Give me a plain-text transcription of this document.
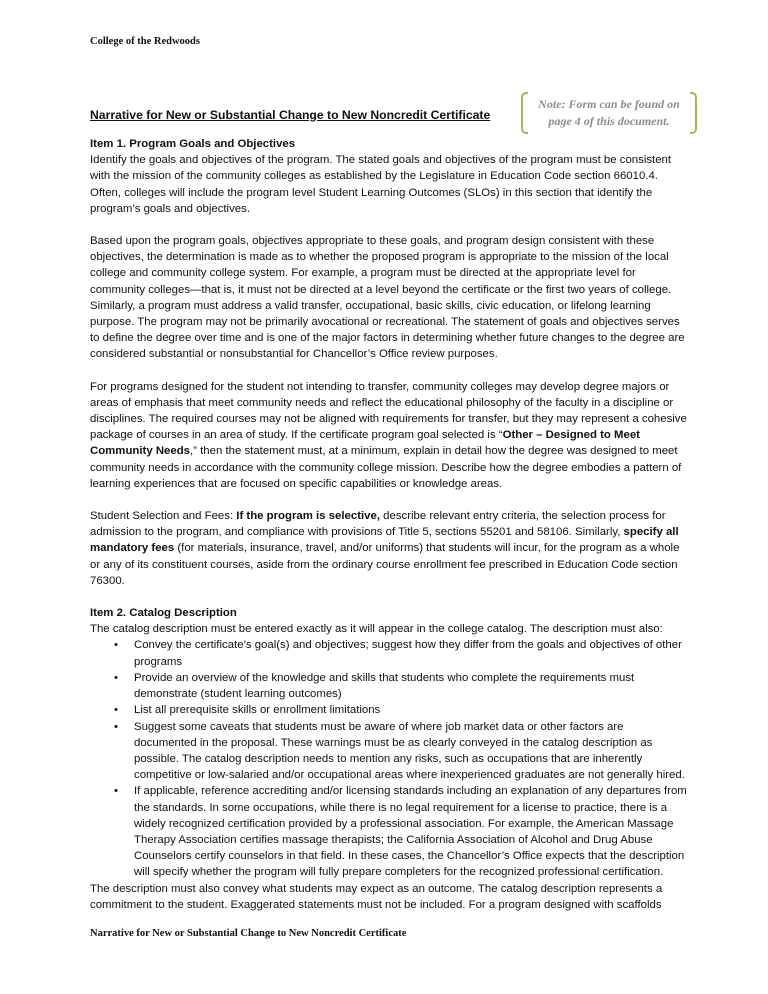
College of the Redwoods
Narrative for New or Substantial Change to New Noncredit Certificate
Note: Form can be found on page 4 of this document.

Item 1. Program Goals and Objectives

Identify the goals and objectives of the program. The stated goals and objectives of the program must be consistent with the mission of the community colleges as established by the Legislature in Education Code section 66010.4. Often, colleges will include the program level Student Learning Outcomes (SLOs) in this section that identify the program’s goals and objectives.

Based upon the program goals, objectives appropriate to these goals, and program design consistent with these objectives, the determination is made as to whether the proposed program is appropriate to the mission of the local college and community college system. For example, a program must be directed at the appropriate level for community colleges—that is, it must not be directed at a level beyond the certificate or the first two years of college. Similarly, a program must address a valid transfer, occupational, basic skills, civic education, or lifelong learning purpose. The program may not be primarily avocational or recreational. The statement of goals and objectives serves to define the degree over time and is one of the major factors in determining whether future changes to the degree are considered substantial or nonsubstantial for Chancellor’s Office review purposes.

For programs designed for the student not intending to transfer, community colleges may develop degree majors or areas of emphasis that meet community needs and reflect the educational philosophy of the faculty in a discipline or disciplines. The required courses may not be aligned with requirements for transfer, but they may represent a cohesive package of courses in an area of study. If the certificate program goal selected is “Other – Designed to Meet Community Needs,” then the statement must, at a minimum, explain in detail how the degree was designed to meet community needs in accordance with the community college mission. Describe how the degree embodies a pattern of learning experiences that are focused on specific capabilities or knowledge areas.

Student Selection and Fees: If the program is selective, describe relevant entry criteria, the selection process for admission to the program, and compliance with provisions of Title 5, sections 55201 and 58106. Similarly, specify all mandatory fees (for materials, insurance, travel, and/or uniforms) that students will incur, for the program as a whole or any of its constituent courses, aside from the ordinary course enrollment fee prescribed in Education Code section 76300.

Item 2. Catalog Description

The catalog description must be entered exactly as it will appear in the college catalog. The description must also:

• Convey the certificate’s goal(s) and objectives; suggest how they differ from the goals and objectives of other programs
• Provide an overview of the knowledge and skills that students who complete the requirements must demonstrate (student learning outcomes)
• List all prerequisite skills or enrollment limitations
• Suggest some caveats that students must be aware of where job market data or other factors are documented in the proposal. These warnings must be as clearly conveyed in the catalog description as possible. The catalog description needs to mention any risks, such as occupations that are inherently competitive or low-salaried and/or occupational areas where inexperienced graduates are not generally hired.
• If applicable, reference accrediting and/or licensing standards including an explanation of any departures from the standards. In some occupations, while there is no legal requirement for a license to practice, there is a widely recognized certification provided by a professional association. For example, the American Massage Therapy Association certifies massage therapists; the California Association of Alcohol and Drug Abuse Counselors certify counselors in that field. In these cases, the Chancellor’s Office expects that the description will specify whether the program will fully prepare completers for the recognized professional certification.

The description must also convey what students may expect as an outcome. The catalog description represents a commitment to the student. Exaggerated statements must not be included. For a program designed with scaffolds

Narrative for New or Substantial Change to New Noncredit Certificate
